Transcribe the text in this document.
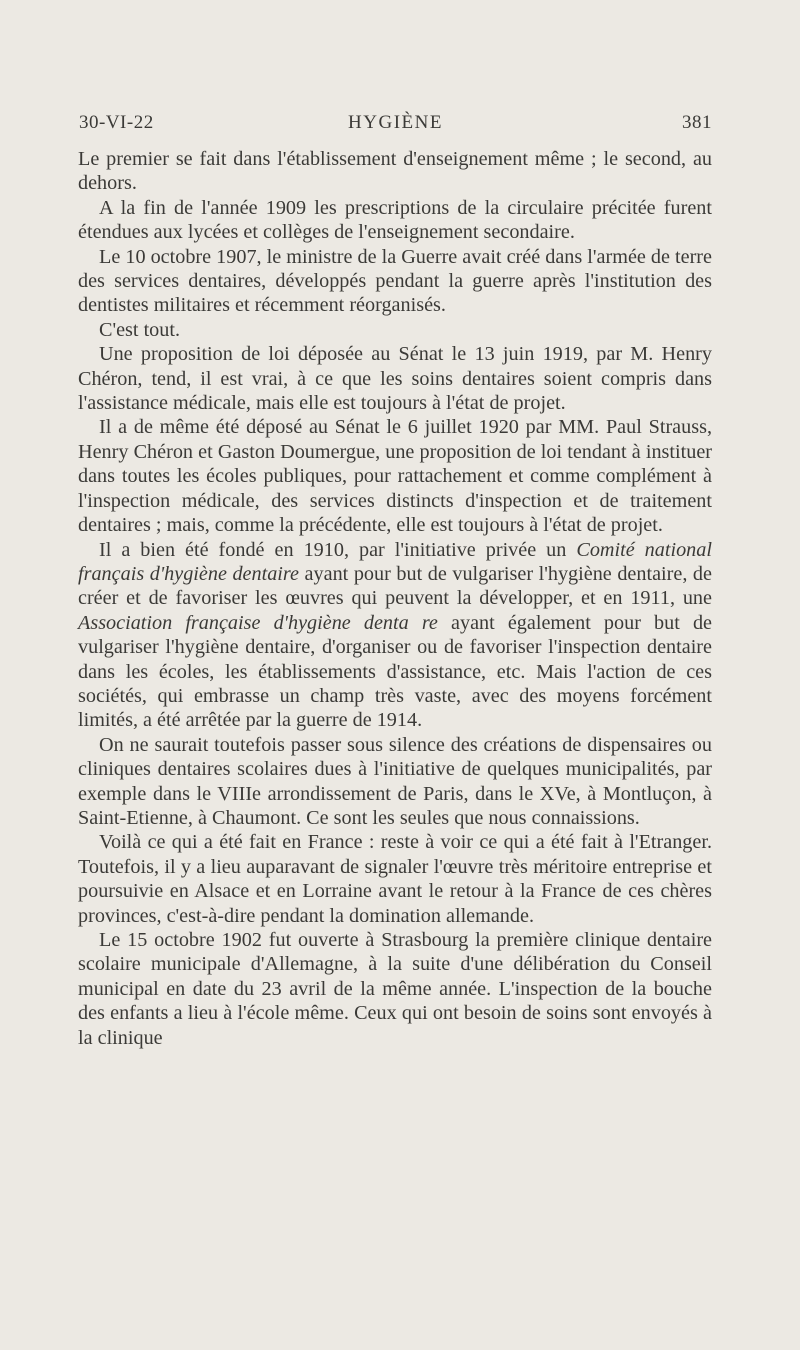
30-VI-22	HYGIÈNE	381

Le premier se fait dans l'établissement d'enseignement même ; le second, au dehors.

A la fin de l'année 1909 les prescriptions de la circulaire précitée furent étendues aux lycées et collèges de l'enseignement secondaire.

Le 10 octobre 1907, le ministre de la Guerre avait créé dans l'armée de terre des services dentaires, développés pendant la guerre après l'institution des dentistes militaires et récemment réorganisés.

C'est tout.

Une proposition de loi déposée au Sénat le 13 juin 1919, par M. Henry Chéron, tend, il est vrai, à ce que les soins dentaires soient compris dans l'assistance médicale, mais elle est toujours à l'état de projet.

Il a de même été déposé au Sénat le 6 juillet 1920 par MM. Paul Strauss, Henry Chéron et Gaston Doumergue, une proposition de loi tendant à instituer dans toutes les écoles publiques, pour rattachement et comme complément à l'inspection médicale, des services distincts d'inspection et de traitement dentaires ; mais, comme la précédente, elle est toujours à l'état de projet.

Il a bien été fondé en 1910, par l'initiative privée un Comité national français d'hygiène dentaire ayant pour but de vulgariser l'hygiène dentaire, de créer et de favoriser les œuvres qui peuvent la développer, et en 1911, une Association française d'hygiène denta re ayant également pour but de vulgariser l'hygiène dentaire, d'organiser ou de favoriser l'inspection dentaire dans les écoles, les établissements d'assistance, etc. Mais l'action de ces sociétés, qui embrasse un champ très vaste, avec des moyens forcément limités, a été arrêtée par la guerre de 1914.

On ne saurait toutefois passer sous silence des créations de dispensaires ou cliniques dentaires scolaires dues à l'initiative de quelques municipalités, par exemple dans le VIIIe arrondissement de Paris, dans le XVe, à Montluçon, à Saint-Etienne, à Chaumont. Ce sont les seules que nous connaissions.

Voilà ce qui a été fait en France : reste à voir ce qui a été fait à l'Etranger. Toutefois, il y a lieu auparavant de signaler l'œuvre très méritoire entreprise et poursuivie en Alsace et en Lorraine avant le retour à la France de ces chères provinces, c'est-à-dire pendant la domination allemande.

Le 15 octobre 1902 fut ouverte à Strasbourg la première clinique dentaire scolaire municipale d'Allemagne, à la suite d'une délibération du Conseil municipal en date du 23 avril de la même année. L'inspection de la bouche des enfants a lieu à l'école même. Ceux qui ont besoin de soins sont envoyés à la clinique
